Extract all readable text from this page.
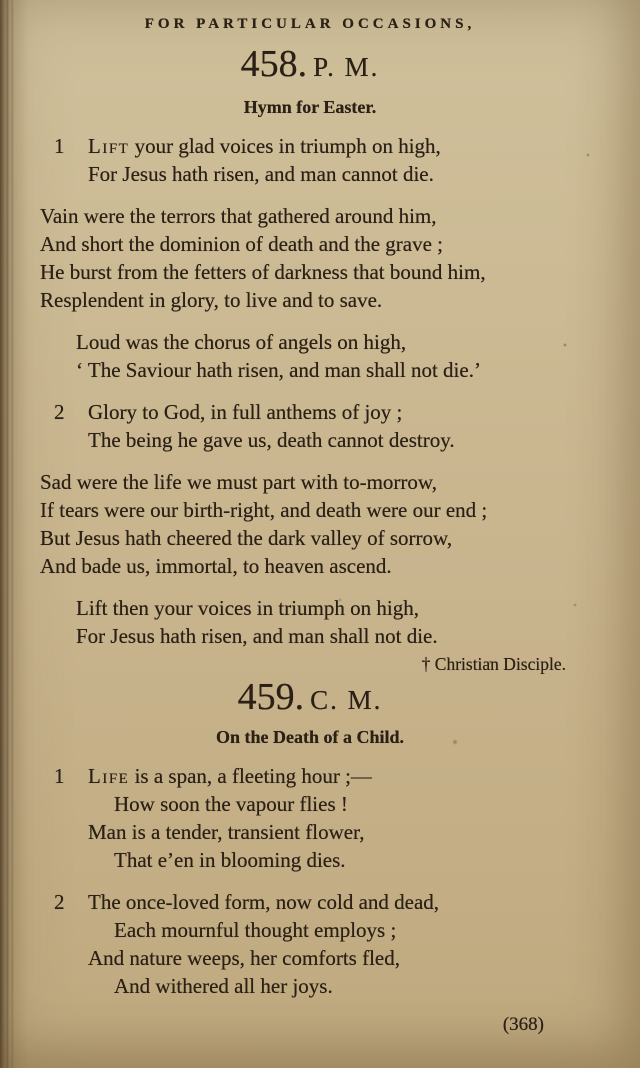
FOR PARTICULAR OCCASIONS,
458. P. M.
Hymn for Easter.
1 Lift your glad voices in triumph on high,
For Jesus hath risen, and man cannot die.
Vain were the terrors that gathered around him,
And short the dominion of death and the grave ;
He burst from the fetters of darkness that bound him,
Resplendent in glory, to live and to save.
Loud was the chorus of angels on high,
‘ The Saviour hath risen, and man shall not die.’
2 Glory to God, in full anthems of joy ;
The being he gave us, death cannot destroy.
Sad were the life we must part with to-morrow,
If tears were our birth-right, and death were our end ;
But Jesus hath cheered the dark valley of sorrow,
And bade us, immortal, to heaven ascend.
Lift then your voices in triumph on high,
For Jesus hath risen, and man shall not die.
† Christian Disciple.
459. C. M.
On the Death of a Child.
1 Life is a span, a fleeting hour ;—
How soon the vapour flies !
Man is a tender, transient flower,
That e’en in blooming dies.
2 The once-loved form, now cold and dead,
Each mournful thought employs ;
And nature weeps, her comforts fled,
And withered all her joys.
(368)
